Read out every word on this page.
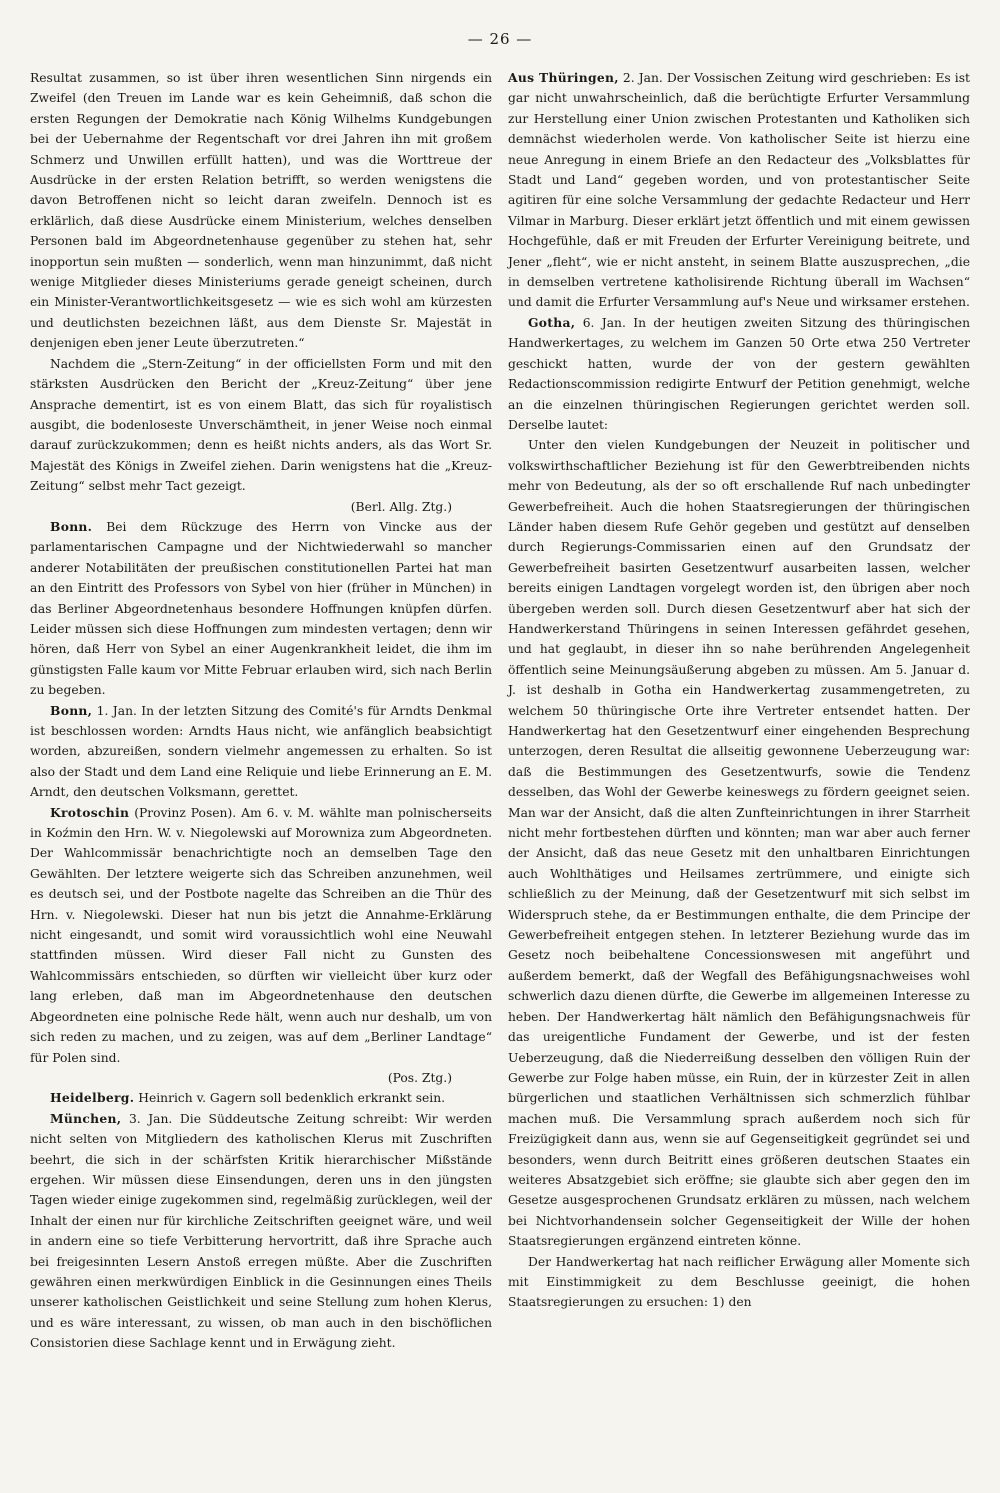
— 26 —

Resultat zusammen, so ist über ihren wesentlichen Sinn nirgends ein Zweifel (den Treuen im Lande war es kein Geheimniß, daß schon die ersten Regungen der Demokratie nach König Wilhelms Kundgebungen bei der Uebernahme der Regentschaft vor drei Jahren ihn mit großem Schmerz und Unwillen erfüllt hatten), und was die Worttreue der Ausdrücke in der ersten Relation betrifft, so werden wenigstens die davon Betroffenen nicht so leicht daran zweifeln. Dennoch ist es erklärlich, daß diese Ausdrücke einem Ministerium, welches denselben Personen bald im Abgeordnetenhause gegenüber zu stehen hat, sehr inopportun sein mußten — sonderlich, wenn man hinzunimmt, daß nicht wenige Mitglieder dieses Ministeriums gerade geneigt scheinen, durch ein Minister-Verantwortlichkeitsgesetz — wie es sich wohl am kürzesten und deutlichsten bezeichnen läßt, aus dem Dienste Sr. Majestät in denjenigen eben jener Leute überzutreten.“

Nachdem die „Stern-Zeitung“ in der officiellsten Form und mit den stärksten Ausdrücken den Bericht der „Kreuz-Zeitung“ über jene Ansprache dementirt, ist es von einem Blatt, das sich für royalistisch ausgibt, die bodenloseste Unverschämtheit, in jener Weise noch einmal darauf zurückzukommen; denn es heißt nichts anders, als das Wort Sr. Majestät des Königs in Zweifel ziehen. Darin wenigstens hat die „Kreuz-Zeitung“ selbst mehr Tact gezeigt.
(Berl. Allg. Ztg.)

Bonn. Bei dem Rückzuge des Herrn von Vincke aus der parlamentarischen Campagne und der Nichtwiederwahl so mancher anderer Notabilitäten der preußischen constitutionellen Partei hat man an den Eintritt des Professors von Sybel von hier (früher in München) in das Berliner Abgeordnetenhaus besondere Hoffnungen knüpfen dürfen. Leider müssen sich diese Hoffnungen zum mindesten vertagen; denn wir hören, daß Herr von Sybel an einer Augenkrankheit leidet, die ihm im günstigsten Falle kaum vor Mitte Februar erlauben wird, sich nach Berlin zu begeben.

Bonn, 1. Jan. In der letzten Sitzung des Comité's für Arndts Denkmal ist beschlossen worden: Arndts Haus nicht, wie anfänglich beabsichtigt worden, abzureißen, sondern vielmehr angemessen zu erhalten. So ist also der Stadt und dem Land eine Reliquie und liebe Erinnerung an E. M. Arndt, den deutschen Volksmann, gerettet.

Krotoschin (Provinz Posen). Am 6. v. M. wählte man polnischerseits in Koźmin den Hrn. W. v. Niegolewski auf Morowniza zum Abgeordneten. Der Wahlcommissär benachrichtigte noch an demselben Tage den Gewählten. Der letztere weigerte sich das Schreiben anzunehmen, weil es deutsch sei, und der Postbote nagelte das Schreiben an die Thür des Hrn. v. Niegolewski. Dieser hat nun bis jetzt die Annahme-Erklärung nicht eingesandt, und somit wird voraussichtlich wohl eine Neuwahl stattfinden müssen. Wird dieser Fall nicht zu Gunsten des Wahlcommissärs entschieden, so dürften wir vielleicht über kurz oder lang erleben, daß man im Abgeordnetenhause den deutschen Abgeordneten eine polnische Rede hält, wenn auch nur deshalb, um von sich reden zu machen, und zu zeigen, was auf dem „Berliner Landtage“ für Polen sind.
(Pos. Ztg.)

Heidelberg. Heinrich v. Gagern soll bedenklich erkrankt sein.

München, 3. Jan. Die Süddeutsche Zeitung schreibt: Wir werden nicht selten von Mitgliedern des katholischen Klerus mit Zuschriften beehrt, die sich in der schärfsten Kritik hierarchischer Mißstände ergehen. Wir müssen diese Einsendungen, deren uns in den jüngsten Tagen wieder einige zugekommen sind, regelmäßig zurücklegen, weil der Inhalt der einen nur für kirchliche Zeitschriften geeignet wäre, und weil in andern eine so tiefe Verbitterung hervortritt, daß ihre Sprache auch bei freigesinnten Lesern Anstoß erregen müßte. Aber die Zuschriften gewähren einen merkwürdigen Einblick in die Gesinnungen eines Theils unserer katholischen Geistlichkeit und seine Stellung zum hohen Klerus, und es wäre interessant, zu wissen, ob man auch in den bischöflichen Consistorien diese Sachlage kennt und in Erwägung zieht.

Aus Thüringen, 2. Jan. Der Vossischen Zeitung wird geschrieben: Es ist gar nicht unwahrscheinlich, daß die berüchtigte Erfurter Versammlung zur Herstellung einer Union zwischen Protestanten und Katholiken sich demnächst wiederholen werde. Von katholischer Seite ist hierzu eine neue Anregung in einem Briefe an den Redacteur des „Volksblattes für Stadt und Land“ gegeben worden, und von protestantischer Seite agitiren für eine solche Versammlung der gedachte Redacteur und Herr Vilmar in Marburg. Dieser erklärt jetzt öffentlich und mit einem gewissen Hochgefühle, daß er mit Freuden der Erfurter Vereinigung beitrete, und Jener „fleht“, wie er nicht ansteht, in seinem Blatte auszusprechen, „die in demselben vertretene katholisirende Richtung überall im Wachsen“ und damit die Erfurter Versammlung auf's Neue und wirksamer erstehen.

Gotha, 6. Jan. In der heutigen zweiten Sitzung des thüringischen Handwerkertages, zu welchem im Ganzen 50 Orte etwa 250 Vertreter geschickt hatten, wurde der von der gestern gewählten Redactionscommission redigirte Entwurf der Petition genehmigt, welche an die einzelnen thüringischen Regierungen gerichtet werden soll. Derselbe lautet:

Unter den vielen Kundgebungen der Neuzeit in politischer und volkswirthschaftlicher Beziehung ist für den Gewerbtreibenden nichts mehr von Bedeutung, als der so oft erschallende Ruf nach unbedingter Gewerbefreiheit. Auch die hohen Staatsregierungen der thüringischen Länder haben diesem Rufe Gehör gegeben und gestützt auf denselben durch Regierungs-Commissarien einen auf den Grundsatz der Gewerbefreiheit basirten Gesetzentwurf ausarbeiten lassen, welcher bereits einigen Landtagen vorgelegt worden ist, den übrigen aber noch übergeben werden soll. Durch diesen Gesetzentwurf aber hat sich der Handwerkerstand Thüringens in seinen Interessen gefährdet gesehen, und hat geglaubt, in dieser ihn so nahe berührenden Angelegenheit öffentlich seine Meinungsäußerung abgeben zu müssen. Am 5. Januar d. J. ist deshalb in Gotha ein Handwerkertag zusammengetreten, zu welchem 50 thüringische Orte ihre Vertreter entsendet hatten. Der Handwerkertag hat den Gesetzentwurf einer eingehenden Besprechung unterzogen, deren Resultat die allseitig gewonnene Ueberzeugung war: daß die Bestimmungen des Gesetzentwurfs, sowie die Tendenz desselben, das Wohl der Gewerbe keineswegs zu fördern geeignet seien. Man war der Ansicht, daß die alten Zunfteinrichtungen in ihrer Starrheit nicht mehr fortbestehen dürften und könnten; man war aber auch ferner der Ansicht, daß das neue Gesetz mit den unhaltbaren Einrichtungen auch Wohlthätiges und Heilsames zertrümmere, und einigte sich schließlich zu der Meinung, daß der Gesetzentwurf mit sich selbst im Widerspruch stehe, da er Bestimmungen enthalte, die dem Principe der Gewerbefreiheit entgegen stehen. In letzterer Beziehung wurde das im Gesetz noch beibehaltene Concessionswesen mit angeführt und außerdem bemerkt, daß der Wegfall des Befähigungsnachweises wohl schwerlich dazu dienen dürfte, die Gewerbe im allgemeinen Interesse zu heben. Der Handwerkertag hält nämlich den Befähigungsnachweis für das ureigentliche Fundament der Gewerbe, und ist der festen Ueberzeugung, daß die Niederreißung desselben den völligen Ruin der Gewerbe zur Folge haben müsse, ein Ruin, der in kürzester Zeit in allen bürgerlichen und staatlichen Verhältnissen sich schmerzlich fühlbar machen muß. Die Versammlung sprach außerdem noch sich für Freizügigkeit dann aus, wenn sie auf Gegenseitigkeit gegründet sei und besonders, wenn durch Beitritt eines größeren deutschen Staates ein weiteres Absatzgebiet sich eröffne; sie glaubte sich aber gegen den im Gesetze ausgesprochenen Grundsatz erklären zu müssen, nach welchem bei Nichtvorhandensein solcher Gegenseitigkeit der Wille der hohen Staatsregierungen ergänzend eintreten könne.

Der Handwerkertag hat nach reiflicher Erwägung aller Momente sich mit Einstimmigkeit zu dem Beschlusse geeinigt, die hohen Staatsregierungen zu ersuchen: 1) den
